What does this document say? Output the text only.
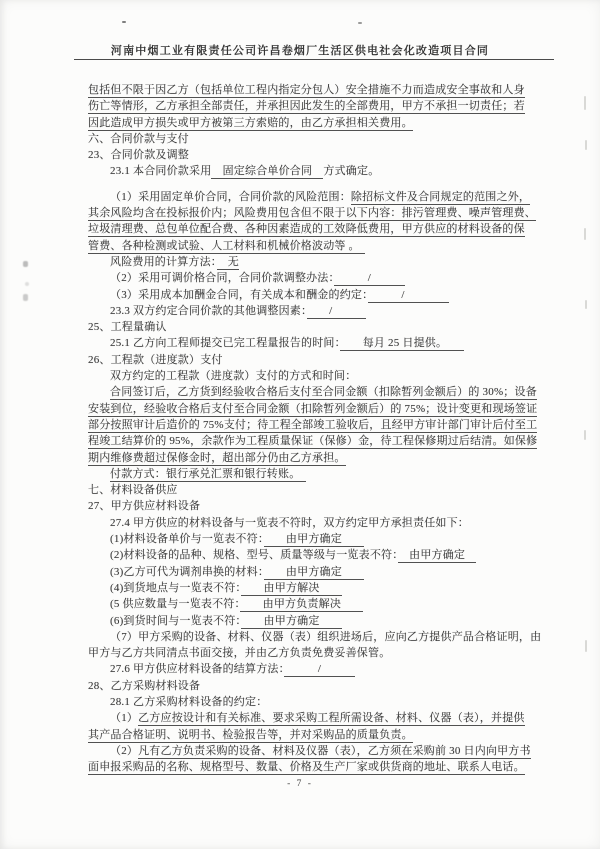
河南中烟工业有限责任公司许昌卷烟厂生活区供电社会化改造项目合同
包括但不限于因乙方（包括单位工程内指定分包人）安全措施不力而造成安全事故和人身
伤亡等情形，乙方承担全部责任，并承担因此发生的全部费用，甲方不承担一切责任；若
因此造成甲方损失或甲方被第三方索赔的，由乙方承担相关费用。
六、合同价款与支付
23、合同价款及调整
23.1 本合同价款采用　固定综合单价合同　方式确定。
（1）采用固定单价合同，合同价款的风险范围：除招标文件及合同规定的范围之外，
其余风险均含在投标报价内；风险费用包含但不限于以下内容：排污管理费、噪声管理费、
垃圾清理费、总包单位配合费、各种因素造成的工效降低费用，甲方供应的材料设备的保
管费、各种检测或试验、人工材料和机械价格波动等 。　
风险费用的计算方法：　无
（2）采用可调价格合同，合同价款调整办法：　　　/　　　
（3）采用成本加酬金合同，有关成本和酬金的约定：　　　/　　　　
23.3 双方约定合同价款的其他调整因素：　　/　　　
25、工程量确认
25.1 乙方向工程师提交已完工程量报告的时间：　　每月 25 日提供。　　
26、工程款（进度款）支付
双方约定的工程款（进度款）支付的方式和时间：
合同签订后，乙方货到经验收合格后支付至合同金额（扣除暂列金额后）的 30%；设备
安装到位，经验收合格后支付至合同金额（扣除暂列金额后）的 75%；设计变更和现场签证
部分按照审计后造价的 75%支付；待工程全部竣工验收后，且经甲方审计部门审计后付至工
程竣工结算价的 95%，余款作为工程质量保证（保修）金，待工程保修期过后结清。如保修
期内维修费超过保修金时，超出部分仍由乙方承担。
付款方式：银行承兑汇票和银行转账。　
七、材料设备供应
27、甲方供应材料设备
27.4 甲方供应的材料设备与一览表不符时，双方约定甲方承担责任如下：
(1)材料设备单价与一览表不符：　　由甲方确定　　
(2)材料设备的品种、规格、型号、质量等级与一览表不符：　由甲方确定　
(3)乙方可代为调剂串换的材料：　　由甲方确定　　
(4)到货地点与一览表不符：　　由甲方解决　　
(5 供应数量与一览表不符：　　由甲方负责解决　　
(6)到货时间与一览表不符：　　由甲方确定　　
（7）甲方采购的设备、材料、仪器（表）组织进场后，应向乙方提供产品合格证明，由
甲方与乙方共同清点书面交接，并由乙方负责免费妥善保管。
27.6 甲方供应材料设备的结算方法：　　　/　　　
28、乙方采购材料设备
28.1 乙方采购材料设备的约定：
（1）乙方应按设计和有关标准、要求采购工程所需设备、材料、仪器（表），并提供
其产品合格证明、说明书、检验报告等，并对采购品的质量负责。
（2）凡有乙方负责采购的设备、材料及仪器（表），乙方须在采购前 30 日内向甲方书
面申报采购品的名称、规格型号、数量、价格及生产厂家或供货商的地址、联系人电话。
- 7 -
